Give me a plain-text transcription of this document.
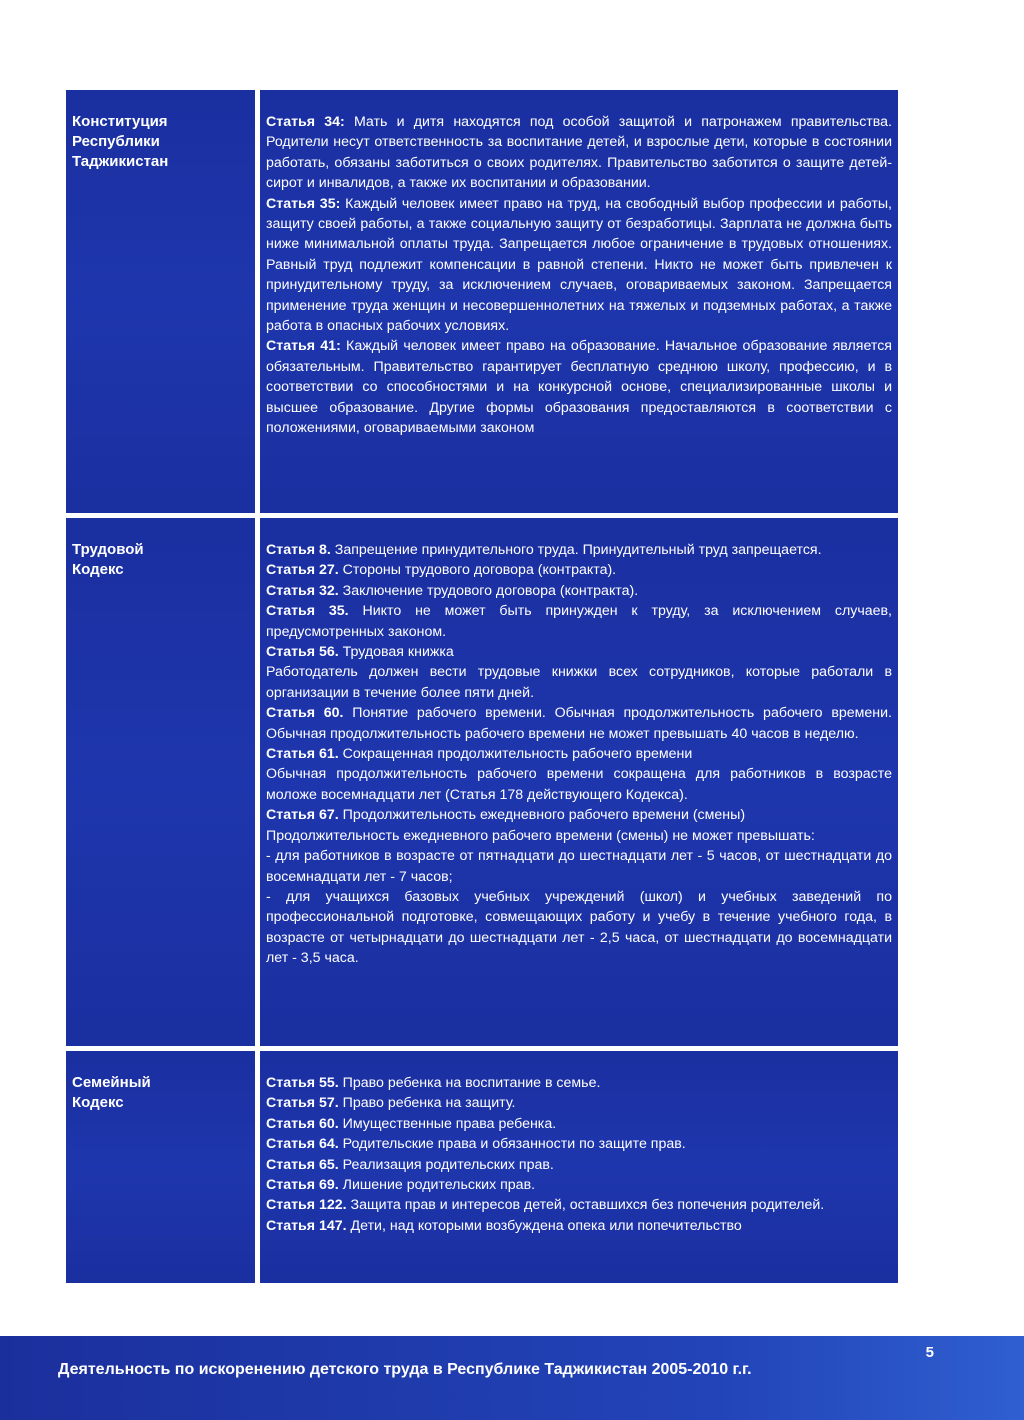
Конституция
Республики
Таджикистан
Статья 34: Мать и дитя находятся под особой защитой и патронажем правительства. Родители несут ответственность за воспитание детей, и взрослые дети, которые в состоянии работать, обязаны заботиться о своих родителях. Правительство заботится о защите детей-сирот и инвалидов, а также их воспитании и образовании.
Статья 35: Каждый человек имеет право на труд, на свободный выбор профессии и работы, защиту своей работы, а также социальную защиту от безработицы. Зарплата не должна быть ниже минимальной оплаты труда. Запрещается любое ограничение в трудовых отношениях. Равный труд подлежит компенсации в равной степени. Никто не может быть привлечен к принудительному труду, за исключением случаев, оговариваемых законом. Запрещается применение труда женщин и несовершеннолетних на тяжелых и подземных работах, а также работа в опасных рабочих условиях.
Статья 41: Каждый человек имеет право на образование. Начальное образование является обязательным. Правительство гарантирует бесплатную среднюю школу, профессию, и в соответствии со способностями и на конкурсной основе, специализированные школы и высшее образование. Другие формы образования предоставляются в соответствии с положениями, оговариваемыми законом
Трудовой
Кодекс
Статья 8. Запрещение принудительного труда. Принудительный труд запрещается.
Статья 27. Стороны трудового договора (контракта).
Статья 32. Заключение трудового договора (контракта).
Статья 35. Никто не может быть принужден к труду, за исключением случаев, предусмотренных законом.
Статья 56. Трудовая книжка
Работодатель должен вести трудовые книжки всех сотрудников, которые работали в организации в течение более пяти дней.
Статья 60. Понятие рабочего времени. Обычная продолжительность рабочего времени. Обычная продолжительность рабочего времени не может превышать 40 часов в неделю.
Статья 61. Сокращенная продолжительность рабочего времени
Обычная продолжительность рабочего времени сокращена для работников в возрасте моложе восемнадцати лет (Статья 178 действующего Кодекса).
Статья 67. Продолжительность ежедневного рабочего времени (смены)
Продолжительность ежедневного рабочего времени (смены) не может превышать:
- для работников в возрасте от пятнадцати до шестнадцати лет - 5 часов, от шестнадцати до восемнадцати лет - 7 часов;
- для учащихся базовых учебных учреждений (школ) и учебных заведений по профессиональной подготовке, совмещающих работу и учебу в течение учебного года, в возрасте от четырнадцати до шестнадцати лет - 2,5 часа, от шестнадцати до восемнадцати лет - 3,5 часа.
Семейный
Кодекс
Статья 55. Право ребенка на воспитание в семье.
Статья 57. Право ребенка на защиту.
Статья 60. Имущественные права ребенка.
Статья 64. Родительские права и обязанности по защите прав.
Статья 65. Реализация родительских прав.
Статья 69. Лишение родительских прав.
Статья 122. Защита прав и интересов детей, оставшихся без попечения родителей.
Статья 147. Дети, над которыми возбуждена опека или попечительство
Деятельность по искоренению детского труда в Республике Таджикистан 2005-2010 г.г.
5
